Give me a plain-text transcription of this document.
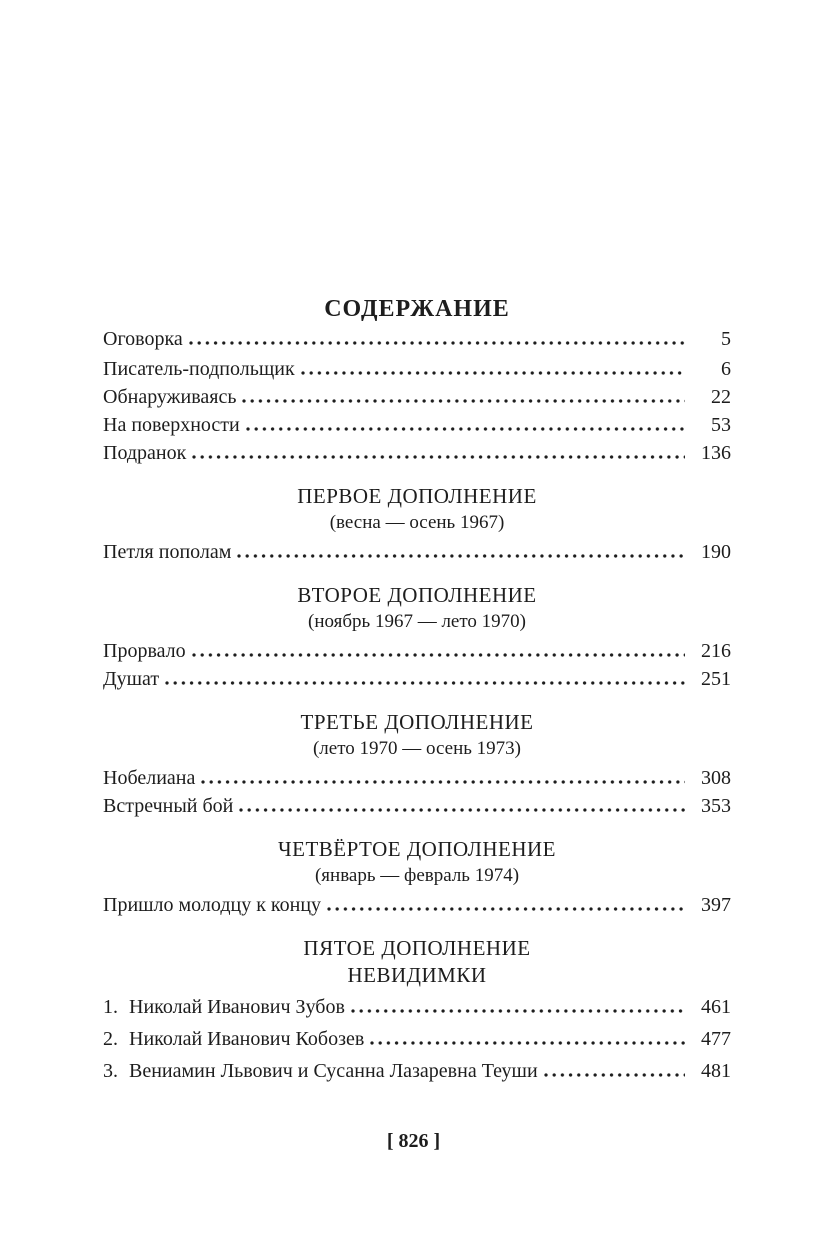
СОДЕРЖАНИЕ
Оговорка	5
Писатель-подпольщик	6
Обнаруживаясь	22
На поверхности	53
Подранок	136
ПЕРВОЕ ДОПОЛНЕНИЕ
(весна — осень 1967)
Петля пополам	190
ВТОРОЕ ДОПОЛНЕНИЕ
(ноябрь 1967 — лето 1970)
Прорвало	216
Душат	251
ТРЕТЬЕ ДОПОЛНЕНИЕ
(лето 1970 — осень 1973)
Нобелиана	308
Встречный бой	353
ЧЕТВЁРТОЕ ДОПОЛНЕНИЕ
(январь — февраль 1974)
Пришло молодцу к концу	397
ПЯТОЕ ДОПОЛНЕНИЕ
НЕВИДИМКИ
1. Николай Иванович Зубов	461
2. Николай Иванович Кобозев	477
3. Вениамин Львович и Сусанна Лазаревна Теуши	481
[ 826 ]
